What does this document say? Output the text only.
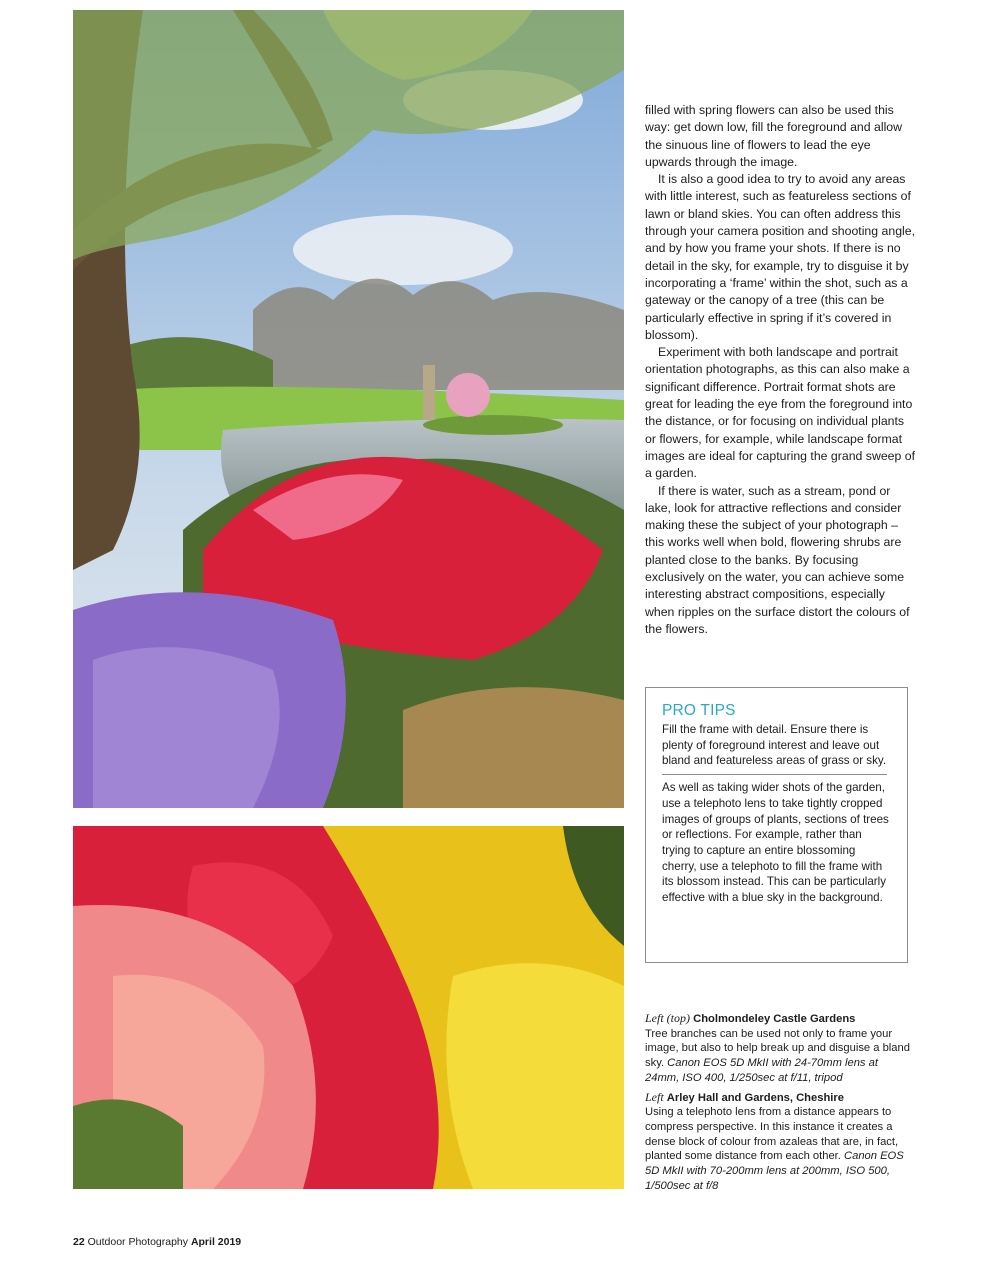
filled with spring flowers can also be used this way: get down low, fill the foreground and allow the sinuous line of flowers to lead the eye upwards through the image.

It is also a good idea to try to avoid any areas with little interest, such as featureless sections of lawn or bland skies. You can often address this through your camera position and shooting angle, and by how you frame your shots. If there is no detail in the sky, for example, try to disguise it by incorporating a ‘frame’ within the shot, such as a gateway or the canopy of a tree (this can be particularly effective in spring if it’s covered in blossom).

Experiment with both landscape and portrait orientation photographs, as this can also make a significant difference. Portrait format shots are great for leading the eye from the foreground into the distance, or for focusing on individual plants or flowers, for example, while landscape format images are ideal for capturing the grand sweep of a garden.

If there is water, such as a stream, pond or lake, look for attractive reflections and consider making these the subject of your photograph – this works well when bold, flowering shrubs are planted close to the banks. By focusing exclusively on the water, you can achieve some interesting abstract compositions, especially when ripples on the surface distort the colours of the flowers.

PRO TIPS

Fill the frame with detail. Ensure there is plenty of foreground interest and leave out bland and featureless areas of grass or sky.

As well as taking wider shots of the garden, use a telephoto lens to take tightly cropped images of groups of plants, sections of trees or reflections. For example, rather than trying to capture an entire blossoming cherry, use a telephoto to fill the frame with its blossom instead. This can be particularly effective with a blue sky in the background.

Left (top) Cholmondeley Castle Gardens
Tree branches can be used not only to frame your image, but also to help break up and disguise a bland sky. Canon EOS 5D MkII with 24-70mm lens at 24mm, ISO 400, 1/250sec at f/11, tripod

Left Arley Hall and Gardens, Cheshire
Using a telephoto lens from a distance appears to compress perspective. In this instance it creates a dense block of colour from azaleas that are, in fact, planted some distance from each other. Canon EOS 5D MkII with 70-200mm lens at 200mm, ISO 500, 1/500sec at f/8

22 Outdoor Photography April 2019
